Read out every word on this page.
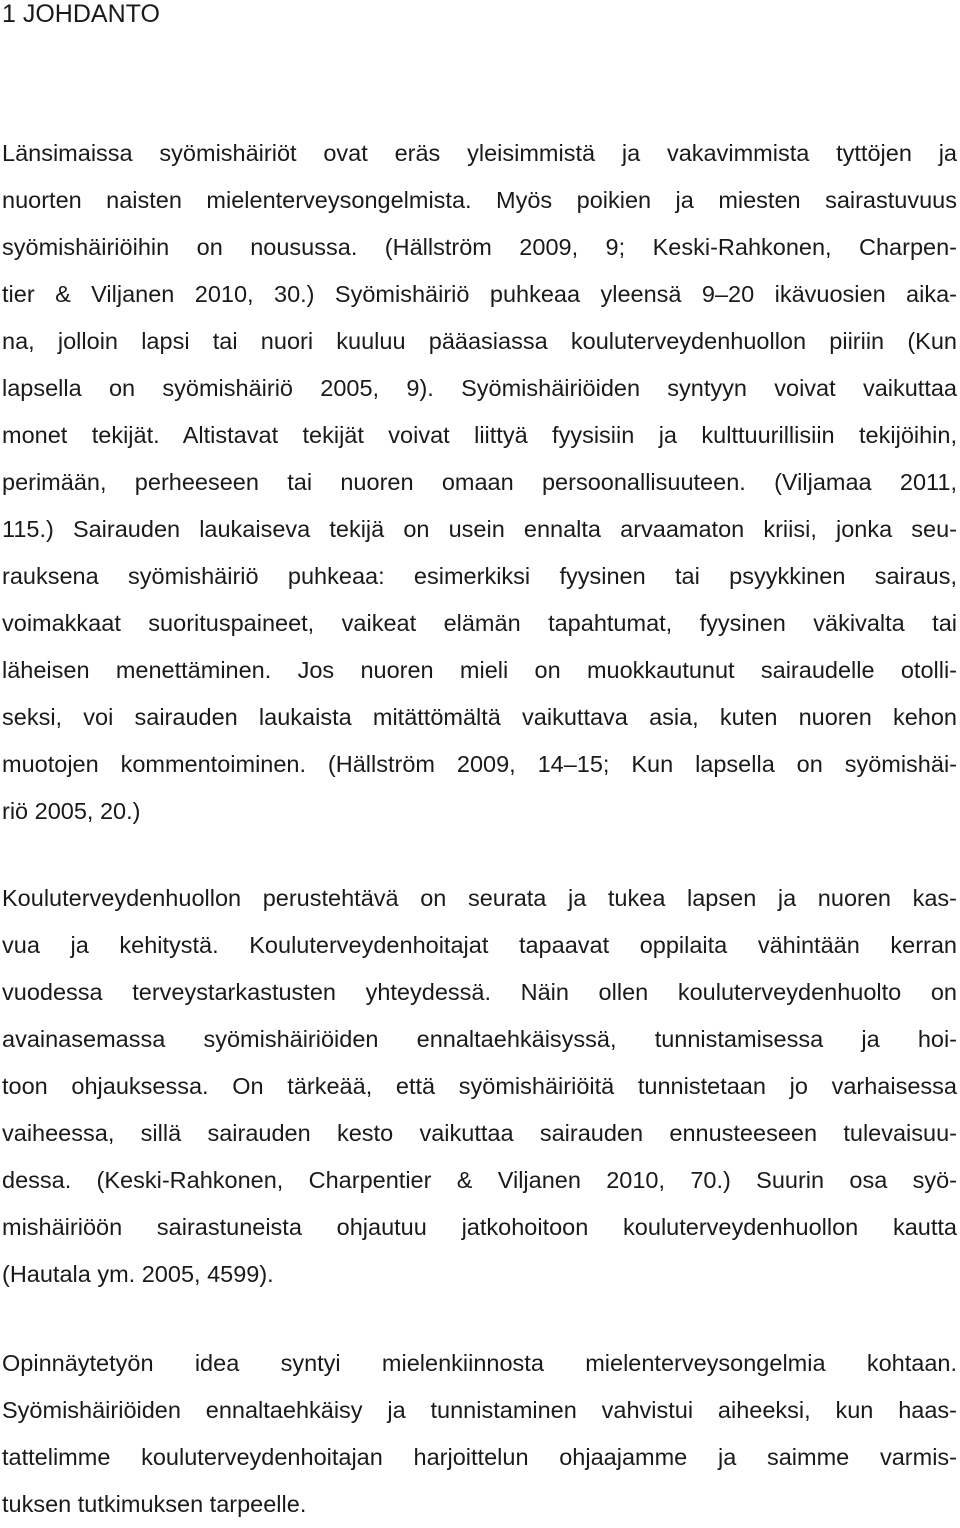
1 JOHDANTO
Länsimaissa syömishäiriöt ovat eräs yleisimmistä ja vakavimmista tyttöjen ja
nuorten naisten mielenterveysongelmista. Myös poikien ja miesten sairastuvuus
syömishäiriöihin on nousussa. (Hällström 2009, 9; Keski-Rahkonen, Charpen-
tier & Viljanen 2010, 30.) Syömishäiriö puhkeaa yleensä 9–20 ikävuosien aika-
na, jolloin lapsi tai nuori kuuluu pääasiassa kouluterveydenhuollon piiriin (Kun
lapsella on syömishäiriö 2005, 9). Syömishäiriöiden syntyyn voivat vaikuttaa
monet tekijät. Altistavat tekijät voivat liittyä fyysisiin ja kulttuurillisiin tekijöihin,
perimään, perheeseen tai nuoren omaan persoonallisuuteen. (Viljamaa 2011,
115.) Sairauden laukaiseva tekijä on usein ennalta arvaamaton kriisi, jonka seu-
rauksena syömishäiriö puhkeaa: esimerkiksi fyysinen tai psyykkinen sairaus,
voimakkaat suorituspaineet, vaikeat elämän tapahtumat, fyysinen väkivalta tai
läheisen menettäminen. Jos nuoren mieli on muokkautunut sairaudelle otolli-
seksi, voi sairauden laukaista mitättömältä vaikuttava asia, kuten nuoren kehon
muotojen kommentoiminen. (Hällström 2009, 14–15; Kun lapsella on syömishäi-
riö 2005, 20.)
Kouluterveydenhuollon perustehtävä on seurata ja tukea lapsen ja nuoren kas-
vua ja kehitystä. Kouluterveydenhoitajat tapaavat oppilaita vähintään kerran
vuodessa terveystarkastusten yhteydessä. Näin ollen kouluterveydenhuolto on
avainasemassa syömishäiriöiden ennaltaehkäisyssä, tunnistamisessa ja hoi-
toon ohjauksessa. On tärkeää, että syömishäiriöitä tunnistetaan jo varhaisessa
vaiheessa, sillä sairauden kesto vaikuttaa sairauden ennusteeseen tulevaisuu-
dessa. (Keski-Rahkonen, Charpentier & Viljanen 2010, 70.) Suurin osa syö-
mishäiriöön sairastuneista ohjautuu jatkohoitoon kouluterveydenhuollon kautta
(Hautala ym. 2005, 4599).
Opinnäytetyön idea syntyi mielenkiinnosta mielenterveysongelmia kohtaan.
Syömishäiriöiden ennaltaehkäisy ja tunnistaminen vahvistui aiheeksi, kun haas-
tattelimme kouluterveydenhoitajan harjoittelun ohjaajamme ja saimme varmis-
tuksen tutkimuksen tarpeelle.
